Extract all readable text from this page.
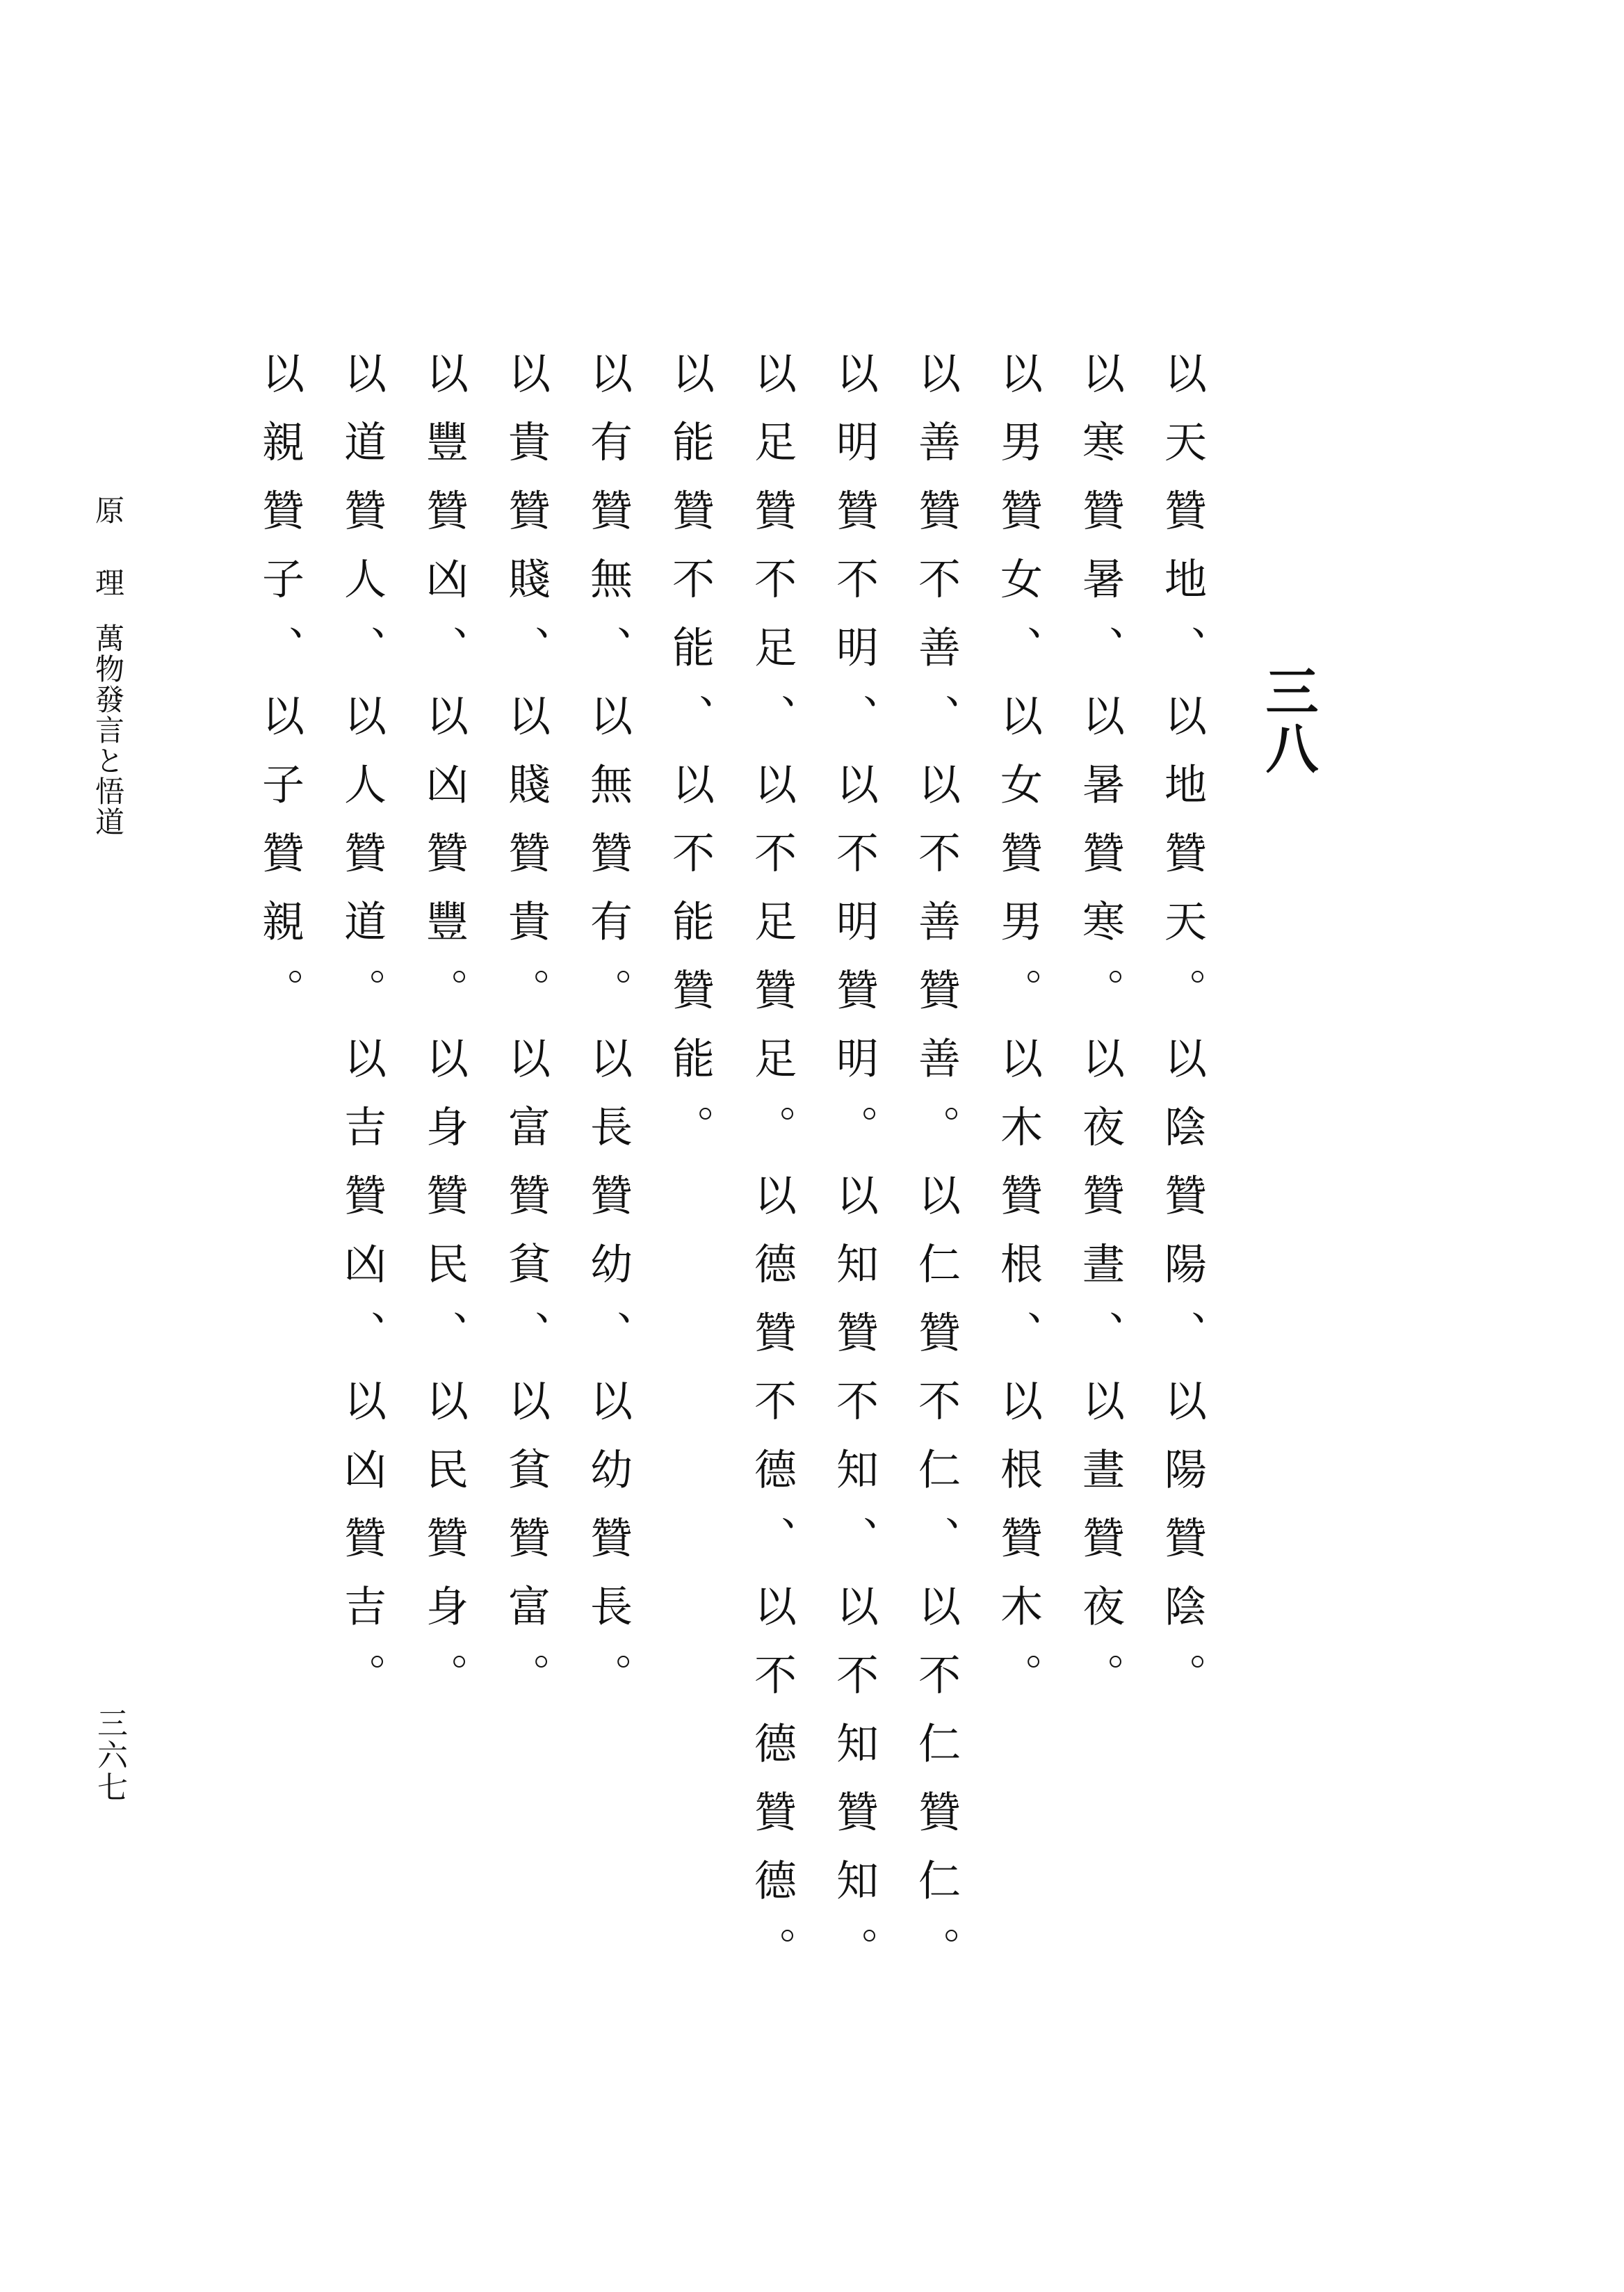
三八
以天贊地、以地贊天。以陰贊陽、以陽贊陰。
以寒贊暑、以暑贊寒。以夜贊晝、以晝贊夜。
以男贊女、以女贊男。以木贊根、以根贊木。
以善贊不善、以不善贊善。以仁贊不仁、以不仁贊仁。
以明贊不明、以不明贊明。以知贊不知、以不知贊知。
以足贊不足、以不足贊足。以德贊不德、以不德贊德。
以能贊不能、以不能贊能。
以有贊無、以無贊有。以長贊幼、以幼贊長。
以貴贊賤、以賤贊貴。以富贊貧、以貧贊富。
以豐贊凶、以凶贊豐。以身贊民、以民贊身。
以道贊人、以人贊道。以吉贊凶、以凶贊吉。
以親贊子、以子贊親。
原理
萬物發言と悟道
三六七
